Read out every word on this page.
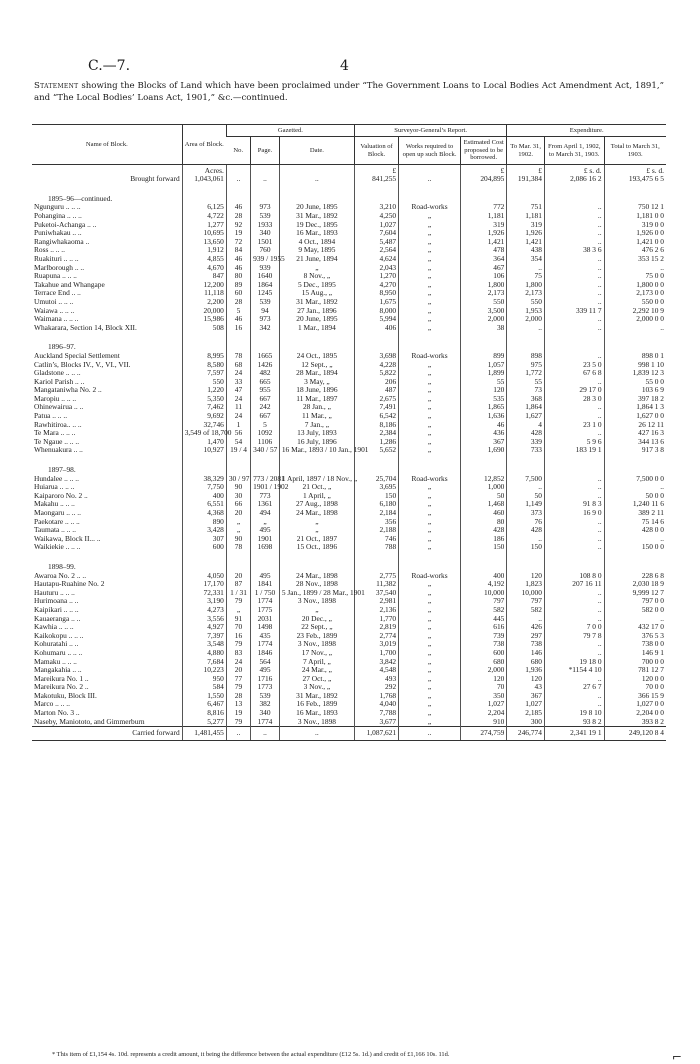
C.—7.	4
Statement showing the Blocks of Land which have been proclaimed under “The Government Loans to Local Bodies Act Amendment Act, 1891,” and “The Local Bodies’ Loans Act, 1901,” &c.—continued.
Name of Block.	Area of Block.	Gazetted.			Surveyor-General’s Report.			Expenditure.		
		No.	Page.	Date.	Valuation of Block.	Works required to open up such Block.	Estimated Cost proposed to be borrowed.	To Mar. 31, 1902.	From April 1, 1902, to March 31, 1903.	Total to March 31, 1903.
	Acres.				£		£	£	£ s. d.	£ s. d.
Brought forward	1,043,061	..	..	..	841,255	..	204,895	191,384	2,086 16 2	193,475 6 5

1895–96—continued.										
Ngunguru .. .. ..	6,125	46	973	20 June, 1895	3,210	Road-works	772	751	..	750 12 1
Pohangina .. .. ..	4,722	28	539	31 Mar., 1892	4,250	„	1,181	1,181	..	1,181 0 0
Puketoi-Achanga .. ..	1,277	92	1933	19 Dec., 1895	1,027	„	319	319	..	319 0 0
Puniwhakau .. ..	10,695	19	340	16 Mar., 1893	7,604	„	1,926	1,926	..	1,926 0 0
Rangiwhakaoma ..	13,650	72	1501	4 Oct., 1894	5,487	„	1,421	1,421	..	1,421 0 0
Ross .. .. ..	1,912	84	760	9 May, 1895	2,564	„	478	438	38 3 6	476 2 6
Ruakituri .. .. ..	4,855	46	939 / 1955	21 June, 1894	4,624	„	364	354	..	353 15 2
Marlborough .. ..	4,670	46	939	„	2,043	„	467	..	..	..
Ruapuna .. .. ..	847	80	1640	8 Nov., „	1,270	„	106	75	..	75 0 0
Takahue and Whangape	12,200	89	1864	5 Dec., 1895	4,270	„	1,800	1,800	..	1,800 0 0
Terrace End .. ..	11,118	60	1245	15 Aug., „	8,950	„	2,173	2,173	..	2,173 0 0
Umutoi .. .. ..	2,200	28	539	31 Mar., 1892	1,675	„	550	550	..	550 0 0
Waiawa .. .. ..	20,000	5	94	27 Jan., 1896	8,000	„	3,500	1,953	339 11 7	2,292 10 9
Waimana .. .. ..	15,986	46	973	20 June, 1895	5,994	„	2,000	2,000	..	2,000 0 0
Whakarara, Section 14, Block XII.	508	16	342	1 Mar., 1894	406	„	38	..	..	..

1896–97.										
Auckland Special Settlement	8,995	78	1665	24 Oct., 1895	3,698	Road-works	899	898	..	898 0 1
Catlin’s, Blocks IV., V., VI., VII.	8,580	68	1426	12 Sept., „	4,228	„	1,057	975	23 5 0	998 1 10
Gladstone .. .. ..	7,597	24	482	28 Mar., 1894	5,822	„	1,899	1,772	67 6 8	1,839 12 3
Kariol Parish .. ..	550	33	665	3 May, „	206	„	55	55	..	55 0 0
Mangataniwha No. 2 ..	1,220	47	955	18 June, 1896	487	„	120	73	29 17 0	103 6 9
Maropiu .. .. ..	5,350	24	667	11 Mar., 1897	2,675	„	535	368	28 3 0	397 18 2
Ohinewairua .. ..	7,462	11	242	28 Jan., „	7,491	„	1,865	1,864	..	1,864 1 3
Patua .. .. ..	9,692	24	667	11 Mar., „	6,542	„	1,636	1,627	..	1,627 0 0
Rawhitiroa.. .. ..	32,746	1	5	7 Jan., „	8,186	„	46	4	23 1 0	26 12 11
Te Mara .. .. ..	3,549 of 18,700	56	1092	13 July, 1893	2,384	„	436	428	..	427 16 3
Te Ngaue .. .. ..	1,470	54	1106	16 July, 1896	1,286	„	367	339	5 9 6	344 13 6
Whenuakura .. ..	10,927	19 / 4	340 / 57	16 Mar., 1893 / 10 Jan., 1901	5,652	„	1,690	733	183 19 1	917 3 8

1897–98.										
Hundalee .. .. ..	38,329	30 / 97	773 / 2081	1 April, 1897 / 18 Nov., „	25,704	Road-works	12,852	7,500	..	7,500 0 0
Huiarua .. .. ..	7,750	90	1901 / 1902	21 Oct., „	3,695	„	1,000	..	..	..
Kaiparoro No. 2 ..	400	30	773	1 April, „	150	„	50	50	..	50 0 0
Makahu .. .. ..	6,551	66	1361	27 Aug., 1898	6,180	„	1,468	1,149	91 8 3	1,240 11 6
Maongaru .. .. ..	4,368	20	494	24 Mar., 1898	2,184	„	460	373	16 9 0	389 2 11
Paekotare .. .. ..	890	„	„	„	356	„	80	76	..	75 14 6
Taumata .. .. ..	3,428	„	495	„	2,188	„	428	428	..	428 0 0
Waikawa, Block II... ..	307	90	1901	21 Oct., 1897	746	„	186	..	..	..
Waikiekie .. .. ..	600	78	1698	15 Oct., 1896	788	„	150	150	..	150 0 0

1898–99.										
Awaroa No. 2 .. ..	4,050	20	495	24 Mar., 1898	2,775	Road-works	400	120	108 8 0	228 6 8
Hautapu-Ruahine No. 2	17,170	87	1841	28 Nov., 1898	11,382	„	4,192	1,823	207 16 11	2,030 18 9
Hauturu .. .. ..	72,331	1 / 31	1 / 750	5 Jan., 1899 / 28 Mar., 1901	37,540	„	10,000	10,000	..	9,999 12 7
Hurimoana .. ..	3,190	79	1774	3 Nov., 1898	2,981	„	797	797	..	797 0 0
Kaipikari .. .. ..	4,273	„	1775	„	2,136	„	582	582	..	582 0 0
Kauaeranga .. ..	3,556	91	2031	20 Dec., „	1,770	„	445	..	..	..
Kawhia .. .. ..	4,927	70	1498	22 Sept., „	2,819	„	616	426	7 0 0	432 17 0
Kaikokopu .. .. ..	7,397	16	435	23 Feb., 1899	2,774	„	739	297	79 7 8	376 5 3
Kohuratahi .. ..	3,548	79	1774	3 Nov., 1898	3,019	„	738	738	..	738 0 0
Kohumaru .. .. ..	4,880	83	1846	17 Nov., „	1,700	„	600	146	..	146 9 1
Mamaku .. .. ..	7,684	24	564	7 April, „	3,842	„	680	680	19 18 0	700 0 0
Mangakahia .. ..	10,223	20	495	24 Mar., „	4,548	„	2,000	1,936	*1154 4 10	781 12 7
Mareikura No. 1 ..	950	77	1716	27 Oct., „	493	„	120	120	..	120 0 0
Mareikura No. 2 ..	584	79	1773	3 Nov., „	292	„	70	43	27 6 7	70 0 0
Makotuku, Block III.	1,550	28	539	31 Mar., 1892	1,768	„	350	367	..	366 15 9
Marco .. .. ..	6,467	13	382	16 Feb., 1899	4,040	„	1,027	1,027	..	1,027 0 0
Marton No. 3 ..	8,816	19	340	16 Mar., 1893	7,788	„	2,204	2,185	19 8 10	2,204 0 0
Naseby, Maniototo, and Gimmerburn	5,277	79	1774	3 Nov., 1898	3,677	„	910	300	93 8 2	393 8 2
Carried forward	1,481,455	..	..	..	1,087,621	..	274,759	246,774	2,341 19 1	249,120 8 4
* This item of £1,154 4s. 10d. represents a credit amount, it being the difference between the actual expenditure (£12 5s. 1d.) and credit of £1,166 10s. 11d.	⌐
